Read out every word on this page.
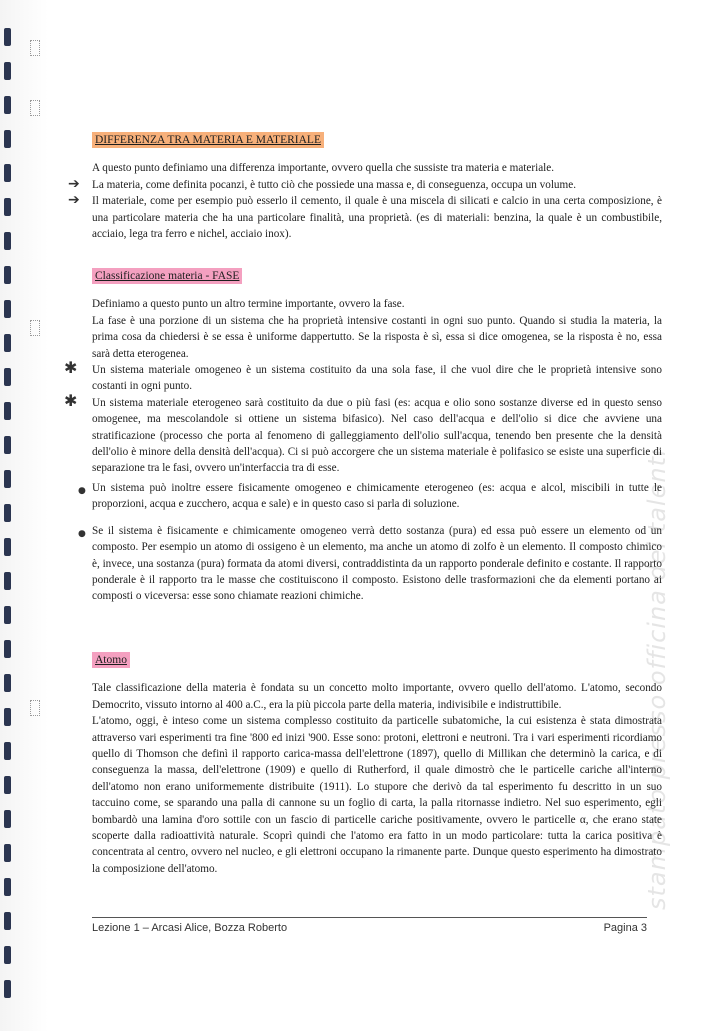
stampato presso officina dei talenti
DIFFERENZA TRA MATERIA E MATERIALE

A questo punto definiamo una differenza importante, ovvero quella che sussiste tra materia e materiale.

➔ La materia, come definita pocanzi, è tutto ciò che possiede una massa e, di conseguenza, occupa un volume.

➔ Il materiale, come per esempio può esserlo il cemento, il quale è una miscela di silicati e calcio in una certa composizione, è una particolare materia che ha una particolare finalità, una proprietà. (es di materiali: benzina, la quale è un combustibile, acciaio, lega tra ferro e nichel, acciaio inox).

Classificazione materia - FASE

Definiamo a questo punto un altro termine importante, ovvero la fase.

La fase è una porzione di un sistema che ha proprietà intensive costanti in ogni suo punto. Quando si studia la materia, la prima cosa da chiedersi è se essa è uniforme dappertutto. Se la risposta è sì, essa si dice omogenea, se la risposta è no, essa sarà detta eterogenea.

✱ Un sistema materiale omogeneo è un sistema costituito da una sola fase, il che vuol dire che le proprietà intensive sono costanti in ogni punto.

✱ Un sistema materiale eterogeneo sarà costituito da due o più fasi (es: acqua e olio sono sostanze diverse ed in questo senso omogenee, ma mescolandole si ottiene un sistema bifasico). Nel caso dell'acqua e dell'olio si dice che avviene una stratificazione (processo che porta al fenomeno di galleggiamento dell'olio sull'acqua, tenendo ben presente che la densità dell'olio è minore della densità dell'acqua). Ci si può accorgere che un sistema materiale è polifasico se esiste una superficie di separazione tra le fasi, ovvero un'interfaccia tra di esse.

● Un sistema può inoltre essere fisicamente omogeneo e chimicamente eterogeneo (es: acqua e alcol, miscibili in tutte le proporzioni, acqua e zucchero, acqua e sale) e in questo caso si parla di soluzione.

● Se il sistema è fisicamente e chimicamente omogeneo verrà detto sostanza (pura) ed essa può essere un elemento od un composto. Per esempio un atomo di ossigeno è un elemento, ma anche un atomo di zolfo è un elemento. Il composto chimico è, invece, una sostanza (pura) formata da atomi diversi, contraddistinta da un rapporto ponderale definito e costante. Il rapporto ponderale è il rapporto tra le masse che costituiscono il composto. Esistono delle trasformazioni che da elementi portano ai composti o viceversa: esse sono chiamate reazioni chimiche.

Atomo

Tale classificazione della materia è fondata su un concetto molto importante, ovvero quello dell'atomo. L'atomo, secondo Democrito, vissuto intorno al 400 a.C., era la più piccola parte della materia, indivisibile e indistruttibile.

L'atomo, oggi, è inteso come un sistema complesso costituito da particelle subatomiche, la cui esistenza è stata dimostrata attraverso vari esperimenti tra fine '800 ed inizi '900. Esse sono: protoni, elettroni e neutroni. Tra i vari esperimenti ricordiamo quello di Thomson che definì il rapporto carica-massa dell'elettrone (1897), quello di Millikan che determinò la carica, e di conseguenza la massa, dell'elettrone (1909) e quello di Rutherford, il quale dimostrò che le particelle cariche all'interno dell'atomo non erano uniformemente distribuite (1911). Lo stupore che derivò da tal esperimento fu descritto in un suo taccuino come, se sparando una palla di cannone su un foglio di carta, la palla ritornasse indietro. Nel suo esperimento, egli bombardò una lamina d'oro sottile con un fascio di particelle cariche positivamente, ovvero le particelle α, che erano state scoperte dalla radioattività naturale. Scoprì quindi che l'atomo era fatto in un modo particolare: tutta la carica positiva è concentrata al centro, ovvero nel nucleo, e gli elettroni occupano la rimanente parte. Dunque questo esperimento ha dimostrato la composizione dell'atomo.

Lezione 1 – Arcasi Alice, Bozza Roberto	Pagina 3
